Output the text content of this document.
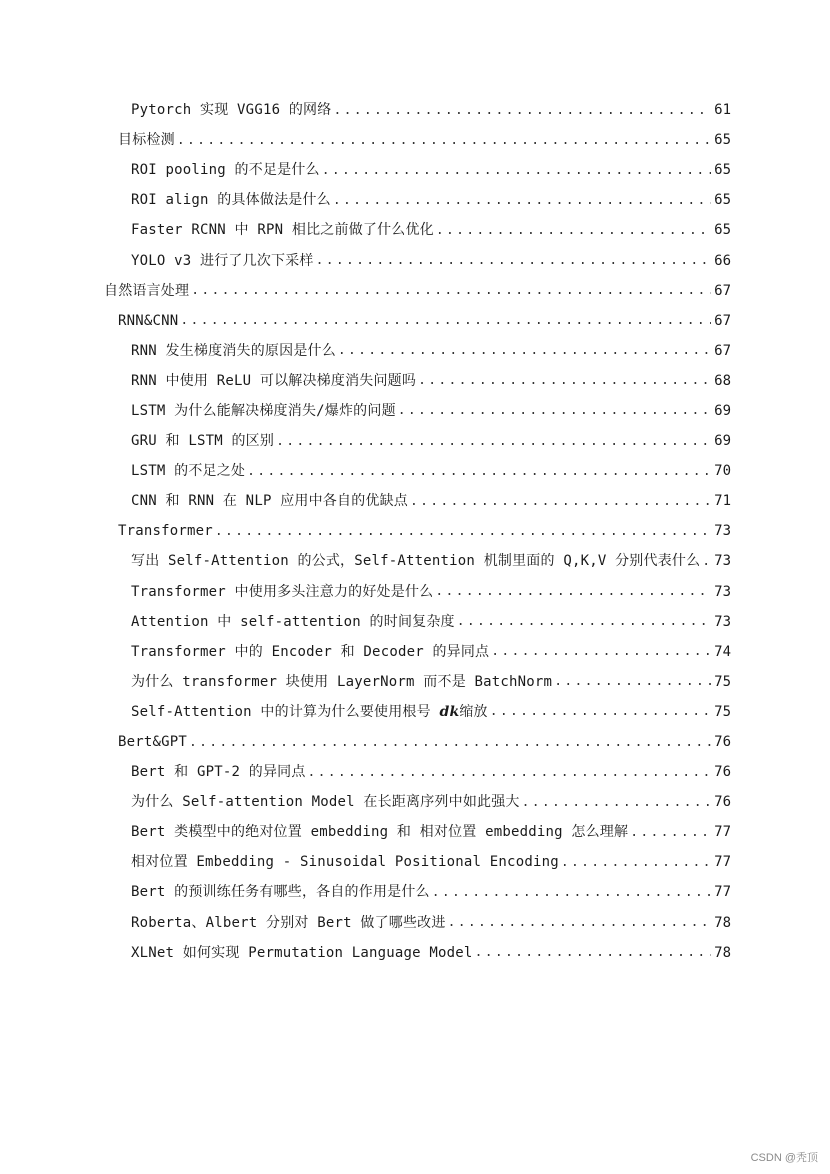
Pytorch 实现 VGG16 的网络 .....	61
目标检测 .....	65
ROI pooling 的不足是什么 .....	65
ROI align 的具体做法是什么 .....	65
Faster RCNN 中 RPN 相比之前做了什么优化 .....	65
YOLO v3 进行了几次下采样 .....	66
自然语言处理 .....	67
RNN&CNN .....	67
RNN 发生梯度消失的原因是什么 .....	67
RNN 中使用 ReLU 可以解决梯度消失问题吗 .....	68
LSTM 为什么能解决梯度消失/爆炸的问题 .....	69
GRU 和 LSTM 的区别 .....	69
LSTM 的不足之处 .....	70
CNN 和 RNN 在 NLP 应用中各自的优缺点 .....	71
Transformer .....	73
写出 Self-Attention 的公式，Self-Attention 机制里面的 Q,K,V 分别代表什么 ..... 73
Transformer 中使用多头注意力的好处是什么 .....	73
Attention 中 self-attention 的时间复杂度 .....	73
Transformer 中的 Encoder 和 Decoder 的异同点 .....	74
为什么 transformer 块使用 LayerNorm 而不是 BatchNorm .....	75
Self-Attention 中的计算为什么要使用根号 dk缩放 .....	75
Bert&GPT .....	76
Bert 和 GPT-2 的异同点 .....	76
为什么 Self-attention Model 在长距离序列中如此强大 .....	76
Bert 类模型中的绝对位置 embedding 和 相对位置 embedding 怎么理解 .....	77
相对位置 Embedding - Sinusoidal Positional Encoding .....	77
Bert 的预训练任务有哪些，各自的作用是什么 .....	77
Roberta、Albert 分别对 Bert 做了哪些改进 .....	78
XLNet 如何实现 Permutation Language Model .....	78
CSDN @秃顶
